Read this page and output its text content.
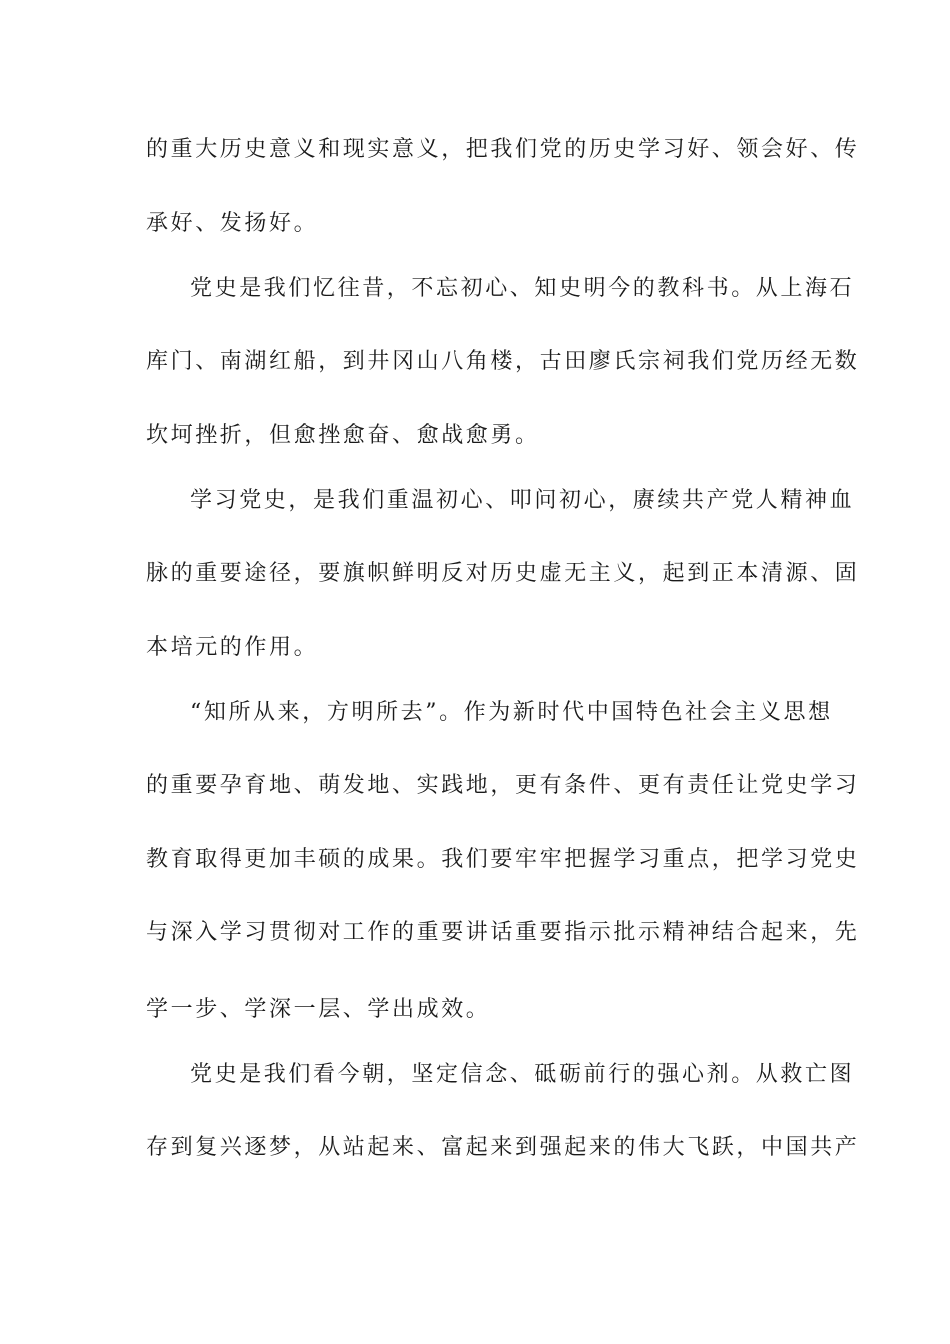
的重大历史意义和现实意义，把我们党的历史学习好、领会好、传
承好、发扬好。
党史是我们忆往昔，不忘初心、知史明今的教科书。从上海石
库门、南湖红船，到井冈山八角楼，古田廖氏宗祠我们党历经无数
坎坷挫折，但愈挫愈奋、愈战愈勇。
学习党史，是我们重温初心、叩问初心，赓续共产党人精神血
脉的重要途径，要旗帜鲜明反对历史虚无主义，起到正本清源、固
本培元的作用。
“知所从来，方明所去”。作为新时代中国特色社会主义思想
的重要孕育地、萌发地、实践地，更有条件、更有责任让党史学习
教育取得更加丰硕的成果。我们要牢牢把握学习重点，把学习党史
与深入学习贯彻对工作的重要讲话重要指示批示精神结合起来，先
学一步、学深一层、学出成效。
党史是我们看今朝，坚定信念、砥砺前行的强心剂。从救亡图
存到复兴逐梦，从站起来、富起来到强起来的伟大飞跃，中国共产
